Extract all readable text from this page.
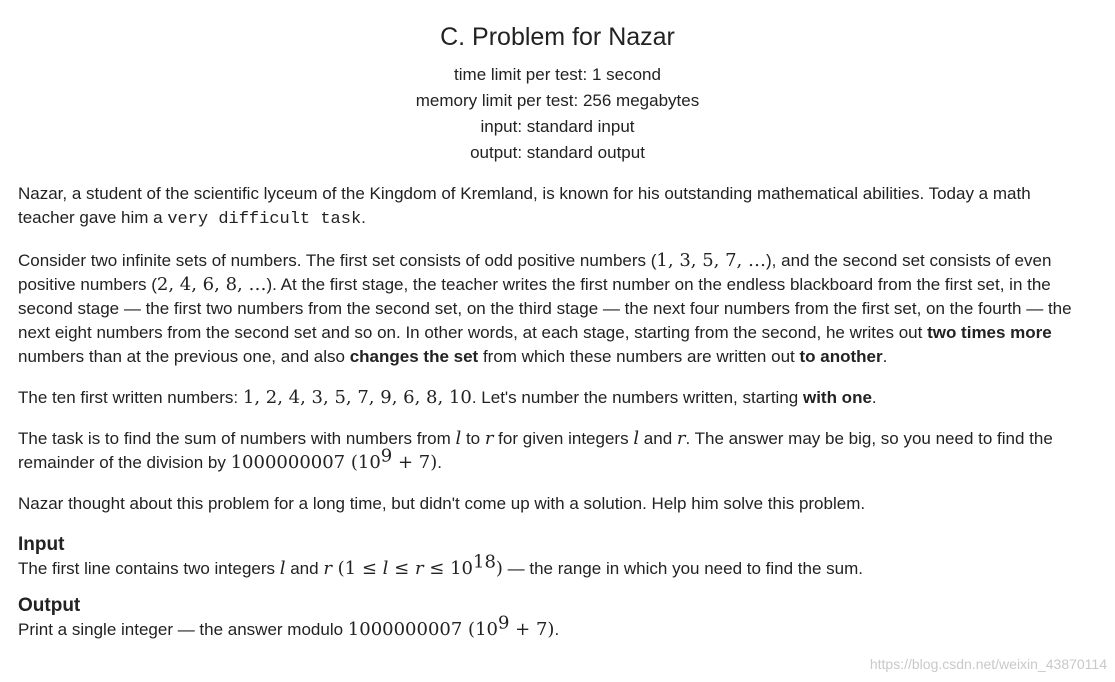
C. Problem for Nazar
time limit per test: 1 second
memory limit per test: 256 megabytes
input: standard input
output: standard output

Nazar, a student of the scientific lyceum of the Kingdom of Kremland, is known for his outstanding mathematical abilities. Today a math teacher gave him a very difficult task.

Consider two infinite sets of numbers. The first set consists of odd positive numbers (1, 3, 5, 7, …), and the second set consists of even positive numbers (2, 4, 6, 8, …). At the first stage, the teacher writes the first number on the endless blackboard from the first set, in the second stage — the first two numbers from the second set, on the third stage — the next four numbers from the first set, on the fourth — the next eight numbers from the second set and so on. In other words, at each stage, starting from the second, he writes out two times more numbers than at the previous one, and also changes the set from which these numbers are written out to another.

The ten first written numbers: 1, 2, 4, 3, 5, 7, 9, 6, 8, 10. Let's number the numbers written, starting with one.

The task is to find the sum of numbers with numbers from l to r for given integers l and r. The answer may be big, so you need to find the remainder of the division by 1000000007 $(10^9 + 7)$.

Nazar thought about this problem for a long time, but didn't come up with a solution. Help him solve this problem.

Input

The first line contains two integers l and r $(1 \le l \le r \le 10^{18})$ — the range in which you need to find the sum.

Output

Print a single integer — the answer modulo 1000000007 $(10^9 + 7)$.

https://blog.csdn.net/weixin_43870114
